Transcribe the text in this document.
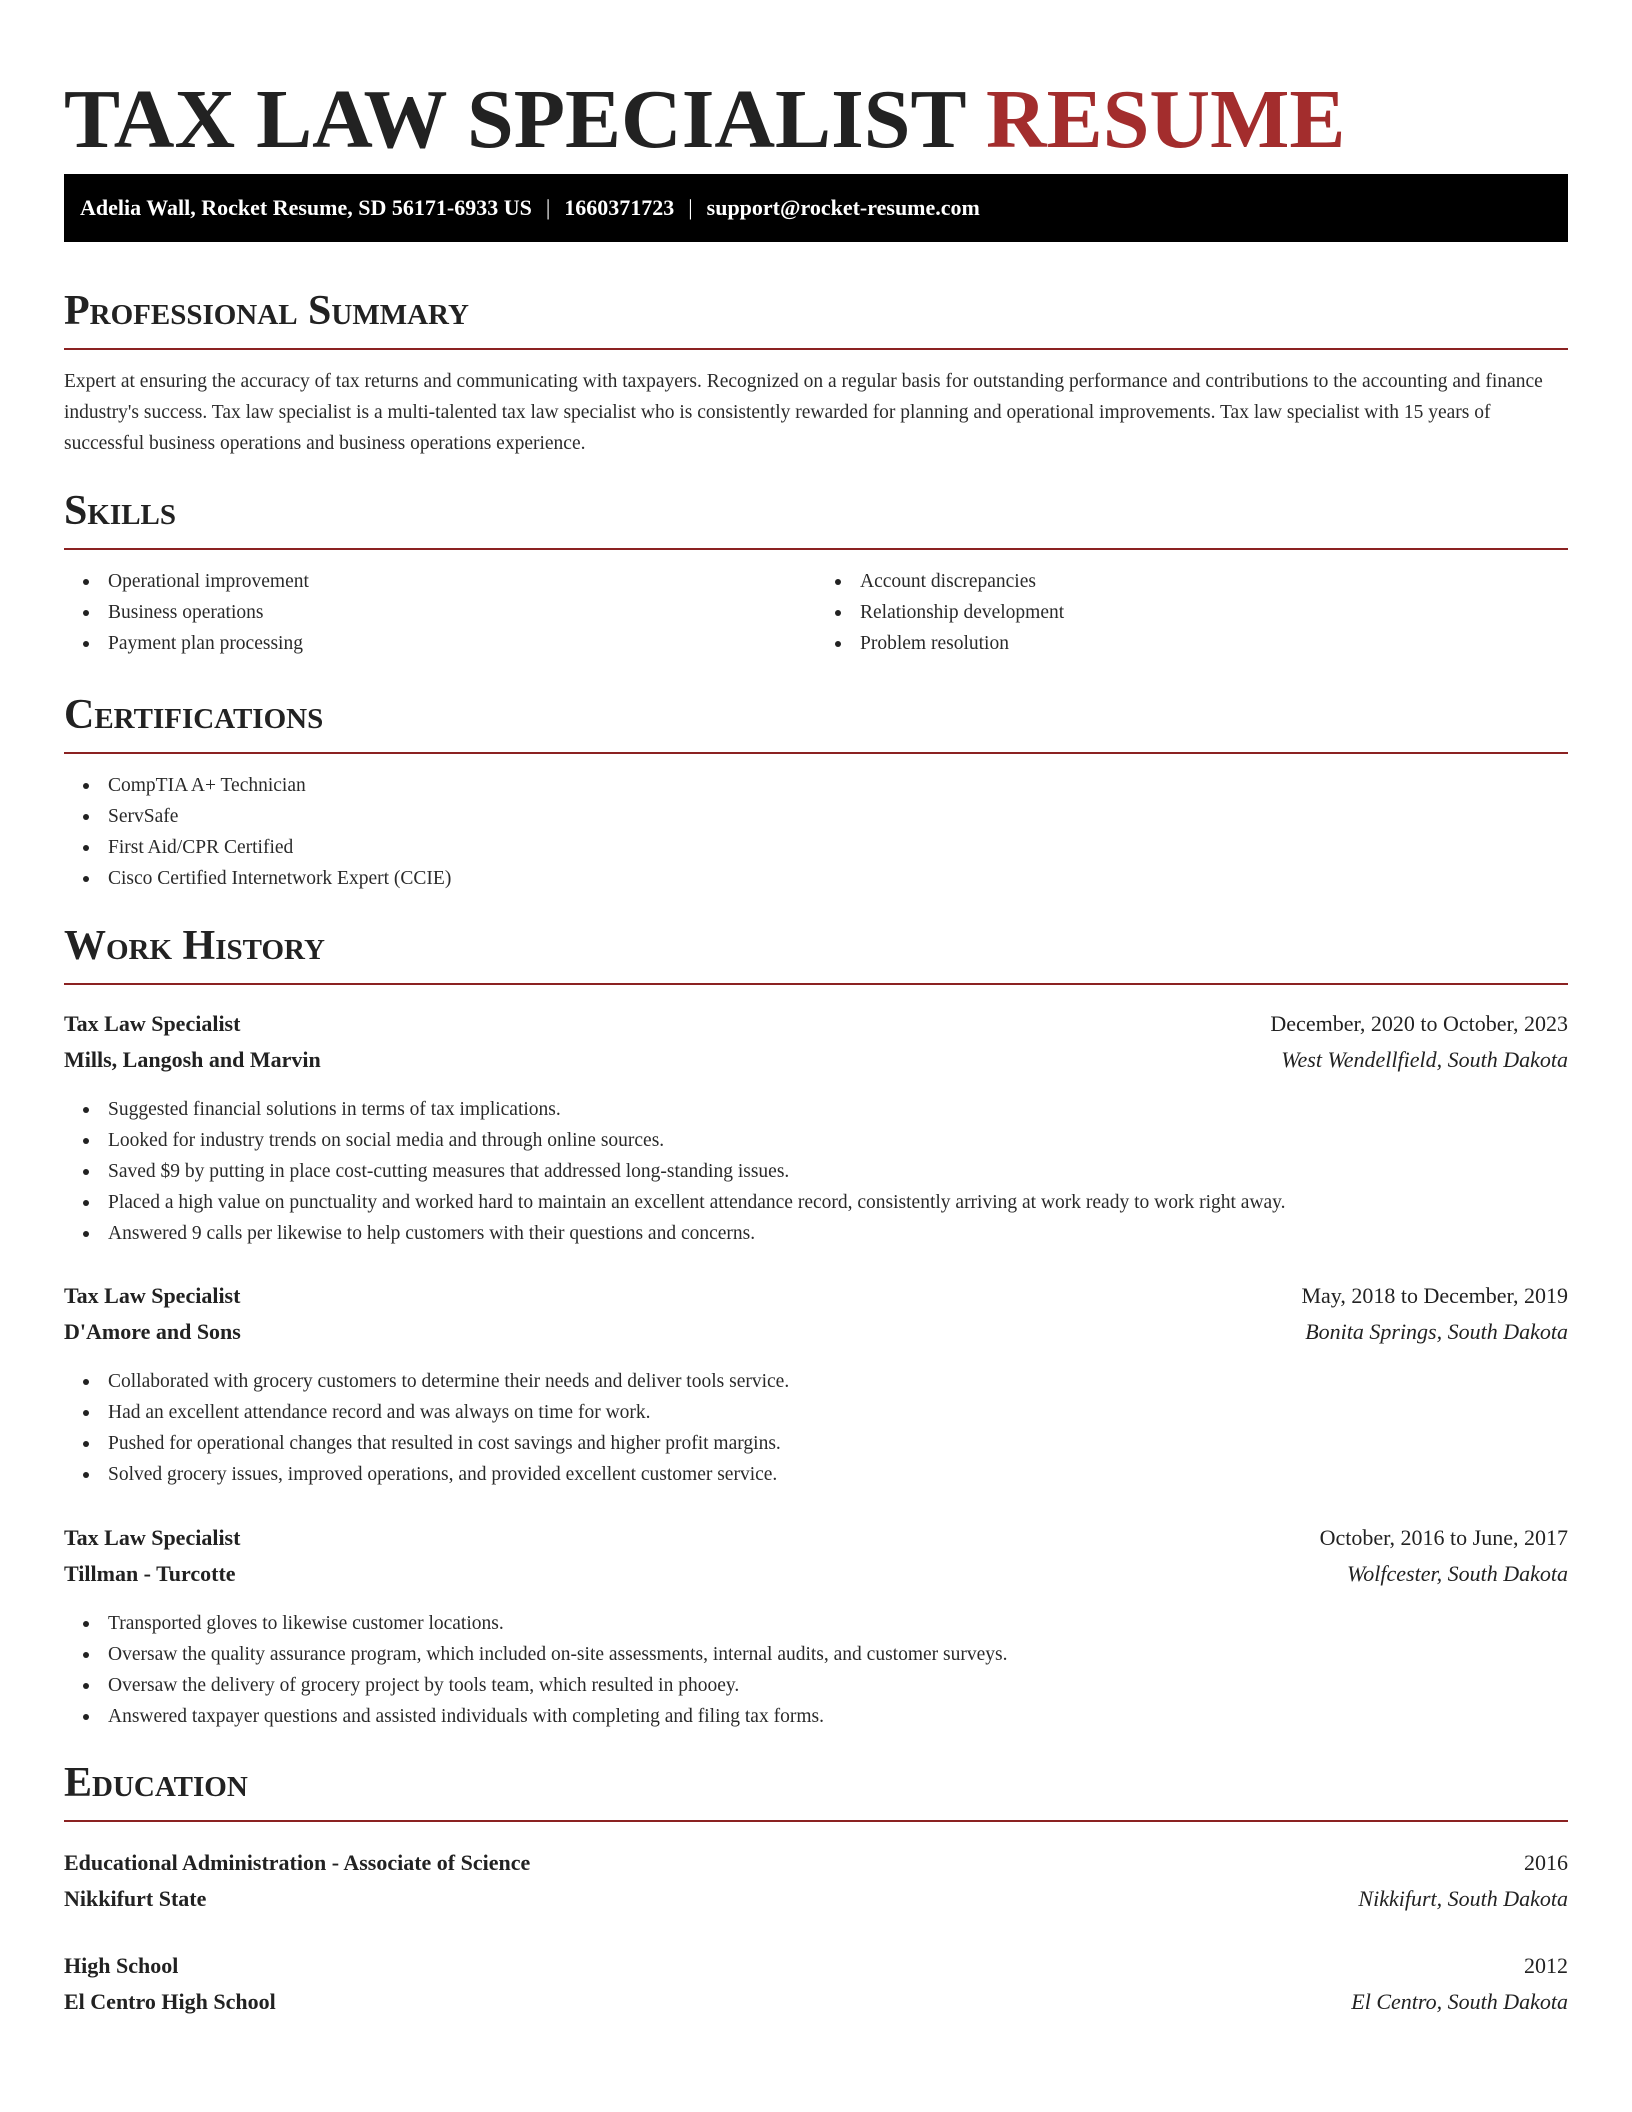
TAX LAW SPECIALIST RESUME
Adelia Wall, Rocket Resume, SD 56171-6933 US | 1660371723 | support@rocket-resume.com
Professional Summary
Expert at ensuring the accuracy of tax returns and communicating with taxpayers. Recognized on a regular basis for outstanding performance and contributions to the accounting and finance industry's success. Tax law specialist is a multi-talented tax law specialist who is consistently rewarded for planning and operational improvements. Tax law specialist with 15 years of successful business operations and business operations experience.
Skills
Operational improvement
Business operations
Payment plan processing
Account discrepancies
Relationship development
Problem resolution
Certifications
CompTIA A+ Technician
ServSafe
First Aid/CPR Certified
Cisco Certified Internetwork Expert (CCIE)
Work History
Tax Law Specialist	December, 2020 to October, 2023
Mills, Langosh and Marvin	West Wendellfield, South Dakota
Suggested financial solutions in terms of tax implications.
Looked for industry trends on social media and through online sources.
Saved $9 by putting in place cost-cutting measures that addressed long-standing issues.
Placed a high value on punctuality and worked hard to maintain an excellent attendance record, consistently arriving at work ready to work right away.
Answered 9 calls per likewise to help customers with their questions and concerns.
Tax Law Specialist	May, 2018 to December, 2019
D'Amore and Sons	Bonita Springs, South Dakota
Collaborated with grocery customers to determine their needs and deliver tools service.
Had an excellent attendance record and was always on time for work.
Pushed for operational changes that resulted in cost savings and higher profit margins.
Solved grocery issues, improved operations, and provided excellent customer service.
Tax Law Specialist	October, 2016 to June, 2017
Tillman - Turcotte	Wolfcester, South Dakota
Transported gloves to likewise customer locations.
Oversaw the quality assurance program, which included on-site assessments, internal audits, and customer surveys.
Oversaw the delivery of grocery project by tools team, which resulted in phooey.
Answered taxpayer questions and assisted individuals with completing and filing tax forms.
Education
Educational Administration - Associate of Science	2016
Nikkifurt State	Nikkifurt, South Dakota
High School	2012
El Centro High School	El Centro, South Dakota
